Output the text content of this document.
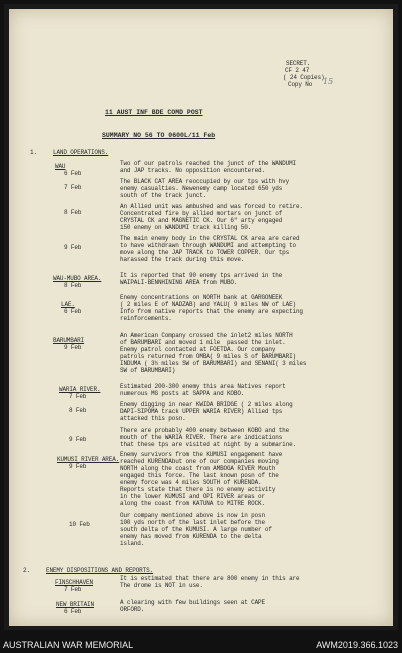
SECRET.
CF 2 47
( 24 Copies)
Copy No 15
11 AUST INF BDE COMD POST
SUMMARY NO 56 TO 0600L/11 Feb
1.	LAND OPERATIONS.
WAU
6 Feb
Two of our patrols reached the junct of the WANDUMI
and JAP tracks. No opposition encountered.
7 Feb
The BLACK CAT AREA reoccupied by our tps with hvy
enemy casualties. Newenemy camp located 650 yds
south of the track junct.
8 Feb
An Allied unit was ambushed and was forced to retire.
Concentrated fire by allied mortars on junct of
CRYSTAL CK and MAGNETIC CK. Our 6" arty engaged
150 enemy on WANDUMI track killing 50.
9 Feb
The main enemy body in the CRYSTAL CK area are cared
to have withdrawn through WANDUMI and attempting to
move along the JAP TRACK to TOWER COPPER. Our tps
harassed the track during this move.
WAU-MUBO AREA.
8 Feb
It is reported that 90 enemy tps arrived in the
WAIPALI-BENNHINING AREA from MUBO.
LAE.
6 Feb
Enemy concentrations on NORTH bank at GARGONEEK
( 2 miles E of NADZAB) and YALU( 9 miles NW of LAE)
Info from native reports that the enemy are expecting
reinforcements.
BARUMBARI
9 Feb
An American Company crossed the inlet2 miles NORTH
of BARUMBARI and moved 1 mile  passed the inlet.
Enemy patrol contacted at FOETDA. Our company
patrols returned from OMBA( 9 miles S of BARUMBARI)
INDUMA ( 3½ miles SW of BARUMBARI) and SENANI( 3 miles
SW of BARUMBARI)
WARIA RIVER.
7 Feb
Estimated 200-300 enemy this area Natives report
numerous MG posts at SAPPA and KOBO.
8 Feb
Enemy digging in near KWIDA BRIDGE ( 2 miles along
DAPI-SIPOMA track UPPER WARIA RIVER) Allied tps
attacked this posn.
9 Feb
There are probably 400 enemy between KOBO and the
mouth of the WARIA RIVER. There are indications
that these tps are visited at night by a submarine.
KUMUSI RIVER AREA.
9 Feb
Enemy survivors from the KUMUSI engagement have
reached KURENDAbut one of our companies moving
NORTH along the coast from AMBOGA RIVER Mouth
engaged this force. The last known posn of the
enemy force was 4 miles SOUTH of KURENDA.
Reports state that there is no enemy activity
in the lower KUMUSI and OPI RIVER areas or
along the coast from KATUNA to MITRE ROCK.
10 Feb
Our company mentioned above is now in posn
100 yds north of the last inlet before the
south delta of the KUMUSI. A large number of
enemy has moved from KURENDA to the delta
island.
2.	ENEMY DISPOSITIONS AND REPORTS.
FINSCHHAVEN
7 Feb
It is estimated that there are 800 enemy in this are
The drome is NOT in use.
NEW BRITAIN
6 Feb
A clearing with few buildings seen at CAPE
ORFORD.
AUSTRALIAN WAR MEMORIAL	AWM2019.366.1023
